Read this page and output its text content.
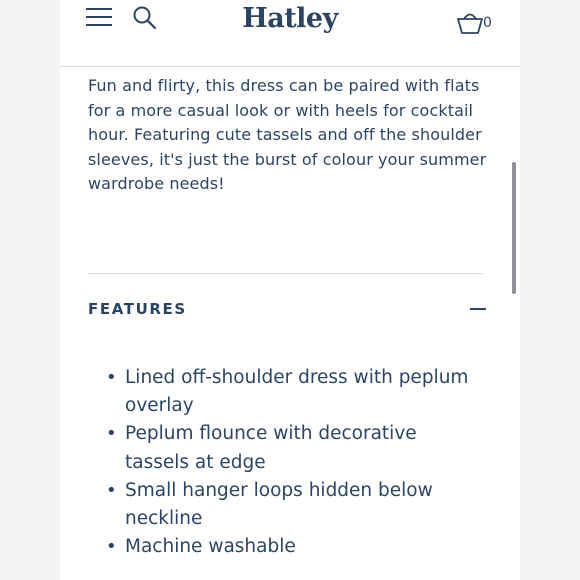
Hatley	0

Fun and flirty, this dress can be paired with flats for a more casual look or with heels for cocktail hour. Featuring cute tassels and off the shoulder sleeves, it's just the burst of colour your summer wardrobe needs!

FEATURES
• Lined off-shoulder dress with peplum overlay
• Peplum flounce with decorative tassels at edge
• Small hanger loops hidden below neckline
• Machine washable
